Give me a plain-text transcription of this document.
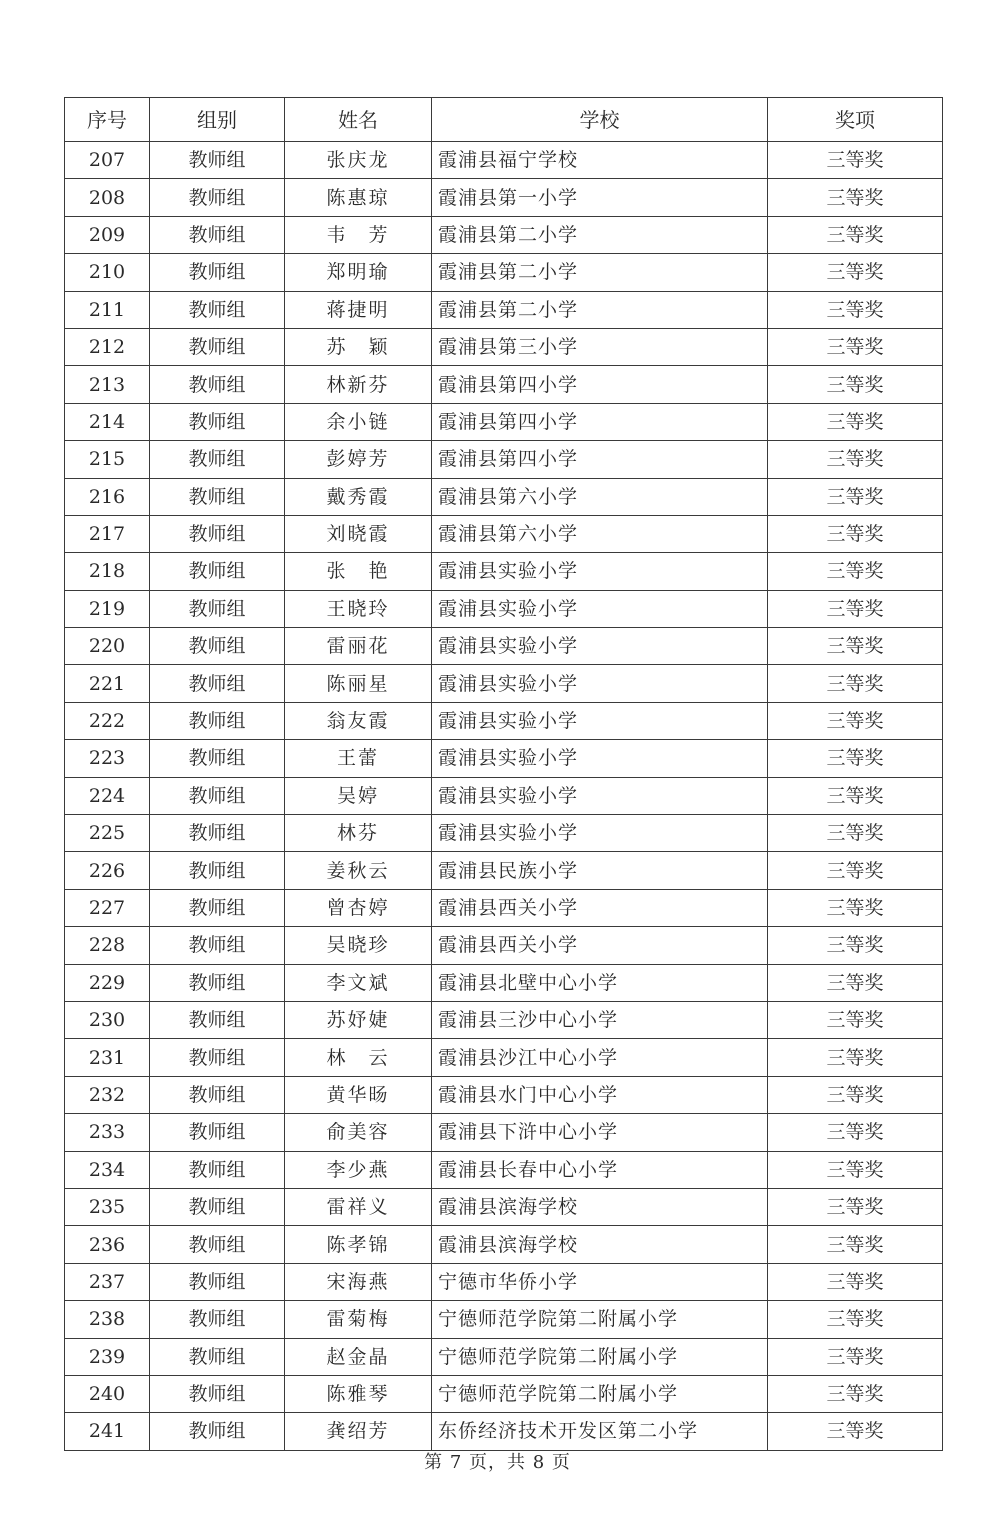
序号	组别	姓名	学校	奖项
207	教师组	张庆龙	霞浦县福宁学校	三等奖
208	教师组	陈惠琼	霞浦县第一小学	三等奖
209	教师组	韦　芳	霞浦县第二小学	三等奖
210	教师组	郑明瑜	霞浦县第二小学	三等奖
211	教师组	蒋捷明	霞浦县第二小学	三等奖
212	教师组	苏　颖	霞浦县第三小学	三等奖
213	教师组	林新芬	霞浦县第四小学	三等奖
214	教师组	余小链	霞浦县第四小学	三等奖
215	教师组	彭婷芳	霞浦县第四小学	三等奖
216	教师组	戴秀霞	霞浦县第六小学	三等奖
217	教师组	刘晓霞	霞浦县第六小学	三等奖
218	教师组	张　艳	霞浦县实验小学	三等奖
219	教师组	王晓玲	霞浦县实验小学	三等奖
220	教师组	雷丽花	霞浦县实验小学	三等奖
221	教师组	陈丽星	霞浦县实验小学	三等奖
222	教师组	翁友霞	霞浦县实验小学	三等奖
223	教师组	王蕾	霞浦县实验小学	三等奖
224	教师组	吴婷	霞浦县实验小学	三等奖
225	教师组	林芬	霞浦县实验小学	三等奖
226	教师组	姜秋云	霞浦县民族小学	三等奖
227	教师组	曾杏婷	霞浦县西关小学	三等奖
228	教师组	吴晓珍	霞浦县西关小学	三等奖
229	教师组	李文斌	霞浦县北壁中心小学	三等奖
230	教师组	苏妤婕	霞浦县三沙中心小学	三等奖
231	教师组	林　云	霞浦县沙江中心小学	三等奖
232	教师组	黄华旸	霞浦县水门中心小学	三等奖
233	教师组	俞美容	霞浦县下浒中心小学	三等奖
234	教师组	李少燕	霞浦县长春中心小学	三等奖
235	教师组	雷祥义	霞浦县滨海学校	三等奖
236	教师组	陈孝锦	霞浦县滨海学校	三等奖
237	教师组	宋海燕	宁德市华侨小学	三等奖
238	教师组	雷菊梅	宁德师范学院第二附属小学	三等奖
239	教师组	赵金晶	宁德师范学院第二附属小学	三等奖
240	教师组	陈雅琴	宁德师范学院第二附属小学	三等奖
241	教师组	龚绍芳	东侨经济技术开发区第二小学	三等奖
第 7 页，共 8 页
